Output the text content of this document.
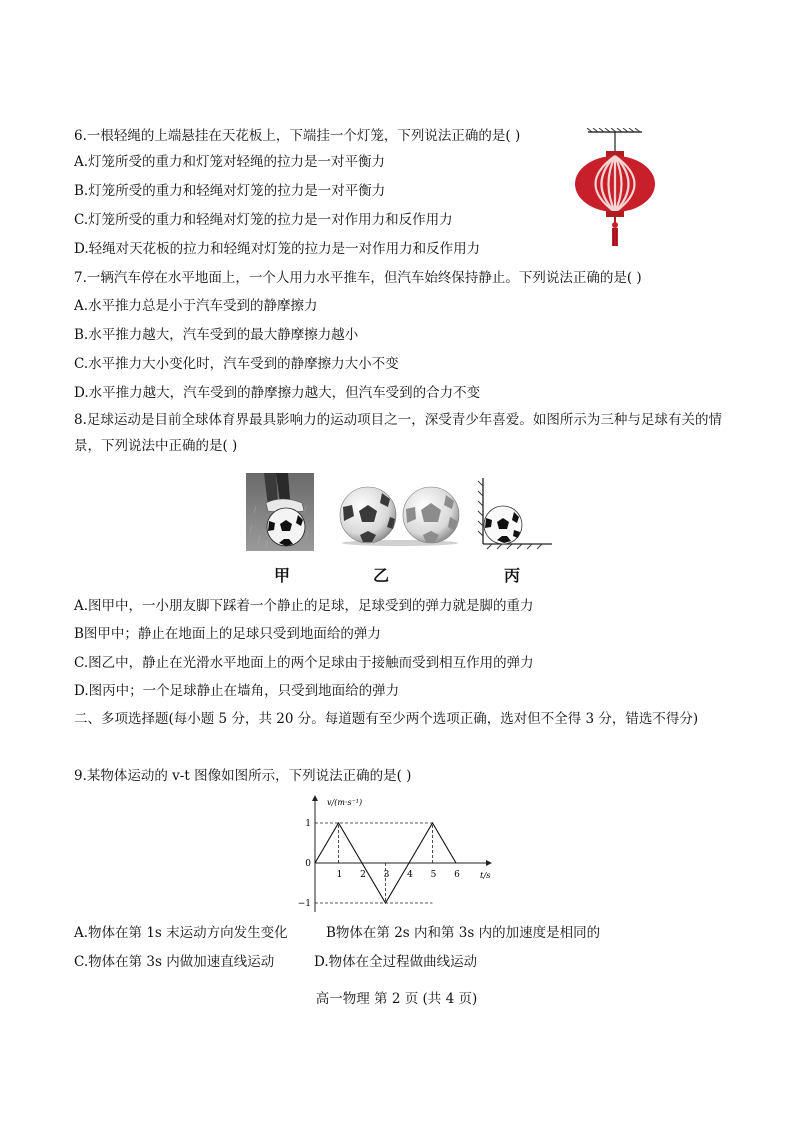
6.一根轻绳的上端悬挂在天花板上，下端挂一个灯笼，下列说法正确的是( )
A.灯笼所受的重力和灯笼对轻绳的拉力是一对平衡力
B.灯笼所受的重力和轻绳对灯笼的拉力是一对平衡力
C.灯笼所受的重力和轻绳对灯笼的拉力是一对作用力和反作用力
D.轻绳对天花板的拉力和轻绳对灯笼的拉力是一对作用力和反作用力
7.一辆汽车停在水平地面上，一个人用力水平推车，但汽车始终保持静止。下列说法正确的是( )
A.水平推力总是小于汽车受到的静摩擦力
B.水平推力越大，汽车受到的最大静摩擦力越小
C.水平推力大小变化时，汽车受到的静摩擦力大小不变
D.水平推力越大，汽车受到的静摩擦力越大，但汽车受到的合力不变
8.足球运动是目前全球体育界最具影响力的运动项目之一，深受青少年喜爱。如图所示为三种与足球有关的情景，下列说法中正确的是( )
甲	乙	丙
A.图甲中，一小朋友脚下踩着一个静止的足球，足球受到的弹力就是脚的重力
B图甲中；静止在地面上的足球只受到地面给的弹力
C.图乙中，静止在光滑水平地面上的两个足球由于接触而受到相互作用的弹力
D.图丙中；一个足球静止在墙角，只受到地面给的弹力
二、多项选择题(每小题 5 分，共 20 分。每道题有至少两个选项正确，选对但不全得 3 分，错选不得分)
9.某物体运动的 v-t 图像如图所示，下列说法正确的是( )
v/(m·s⁻¹)
t/s
1
−1
0
1 2 3 4 5 6
A.物体在第 1s 末运动方向发生变化	B物体在第 2s 内和第 3s 内的加速度是相同的
C.物体在第 3s 内做加速直线运动	D.物体在全过程做曲线运动
高一物理 第 2 页 (共 4 页)
